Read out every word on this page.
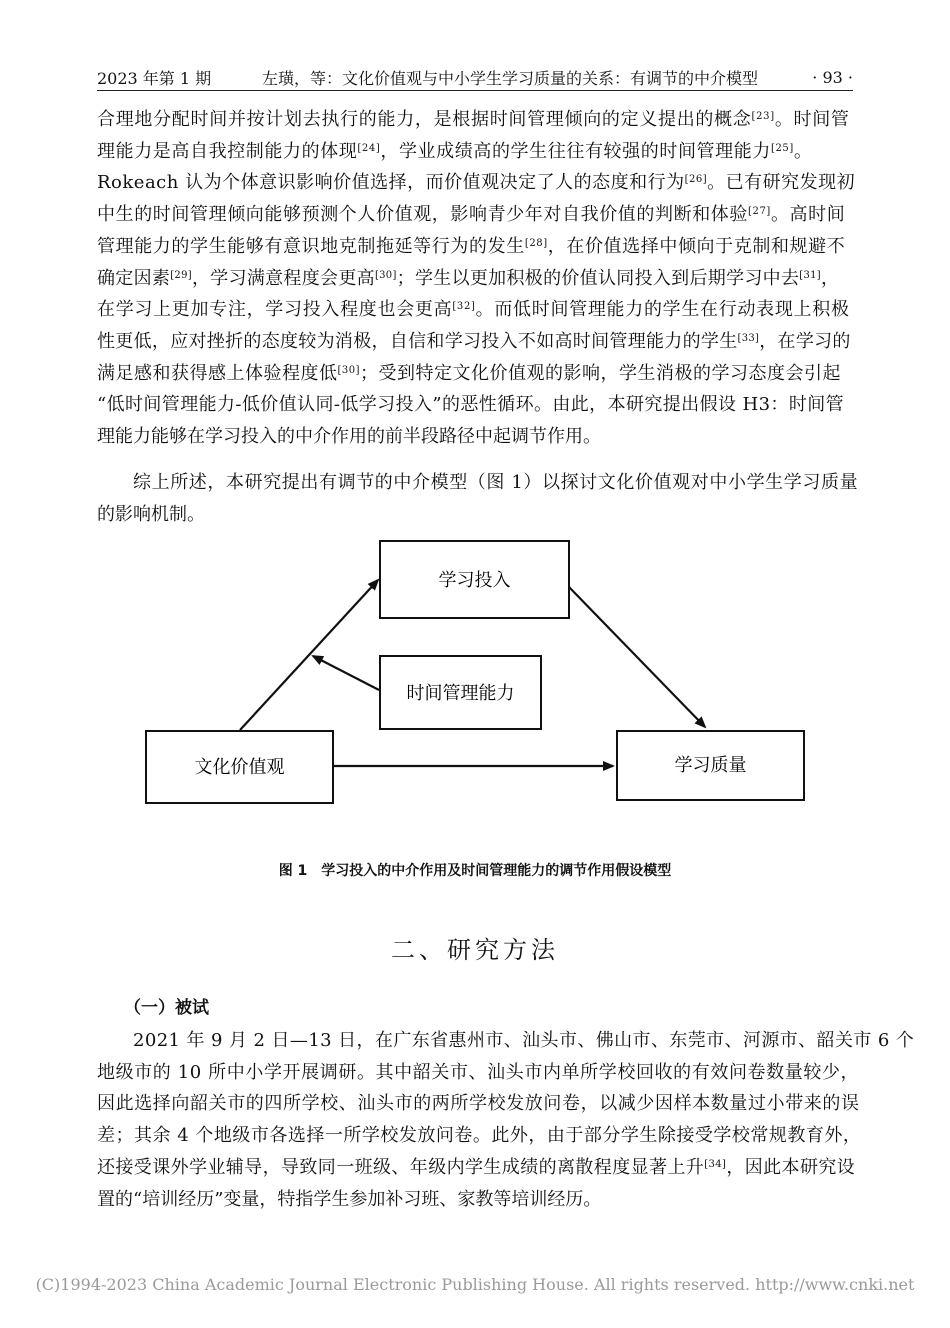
2023 年第 1 期	左璜，等：文化价值观与中小学生学习质量的关系：有调节的中介模型	· 93 ·
合理地分配时间并按计划去执行的能力，是根据时间管理倾向的定义提出的概念[23]。时间管
理能力是高自我控制能力的体现[24]，学业成绩高的学生往往有较强的时间管理能力[25]。
Rokeach 认为个体意识影响价值选择，而价值观决定了人的态度和行为[26]。已有研究发现初
中生的时间管理倾向能够预测个人价值观，影响青少年对自我价值的判断和体验[27]。高时间
管理能力的学生能够有意识地克制拖延等行为的发生[28]，在价值选择中倾向于克制和规避不
确定因素[29]，学习满意程度会更高[30]；学生以更加积极的价值认同投入到后期学习中去[31]，
在学习上更加专注，学习投入程度也会更高[32]。而低时间管理能力的学生在行动表现上积极
性更低，应对挫折的态度较为消极，自信和学习投入不如高时间管理能力的学生[33]，在学习的
满足感和获得感上体验程度低[30]；受到特定文化价值观的影响，学生消极的学习态度会引起
“低时间管理能力-低价值认同-低学习投入”的恶性循环。由此，本研究提出假设 H3：时间管
理能力能够在学习投入的中介作用的前半段路径中起调节作用。
综上所述，本研究提出有调节的中介模型（图 1）以探讨文化价值观对中小学生学习质量
的影响机制。
学习投入
时间管理能力
文化价值观	学习质量
图 1　学习投入的中介作用及时间管理能力的调节作用假设模型
二、研究方法
（一）被试
2021 年 9 月 2 日—13 日，在广东省惠州市、汕头市、佛山市、东莞市、河源市、韶关市 6 个
地级市的 10 所中小学开展调研。其中韶关市、汕头市内单所学校回收的有效问卷数量较少，
因此选择向韶关市的四所学校、汕头市的两所学校发放问卷，以减少因样本数量过小带来的误
差；其余 4 个地级市各选择一所学校发放问卷。此外，由于部分学生除接受学校常规教育外，
还接受课外学业辅导，导致同一班级、年级内学生成绩的离散程度显著上升[34]，因此本研究设
置的“培训经历”变量，特指学生参加补习班、家教等培训经历。
(C)1994-2023 China Academic Journal Electronic Publishing House. All rights reserved. http://www.cnki.net
